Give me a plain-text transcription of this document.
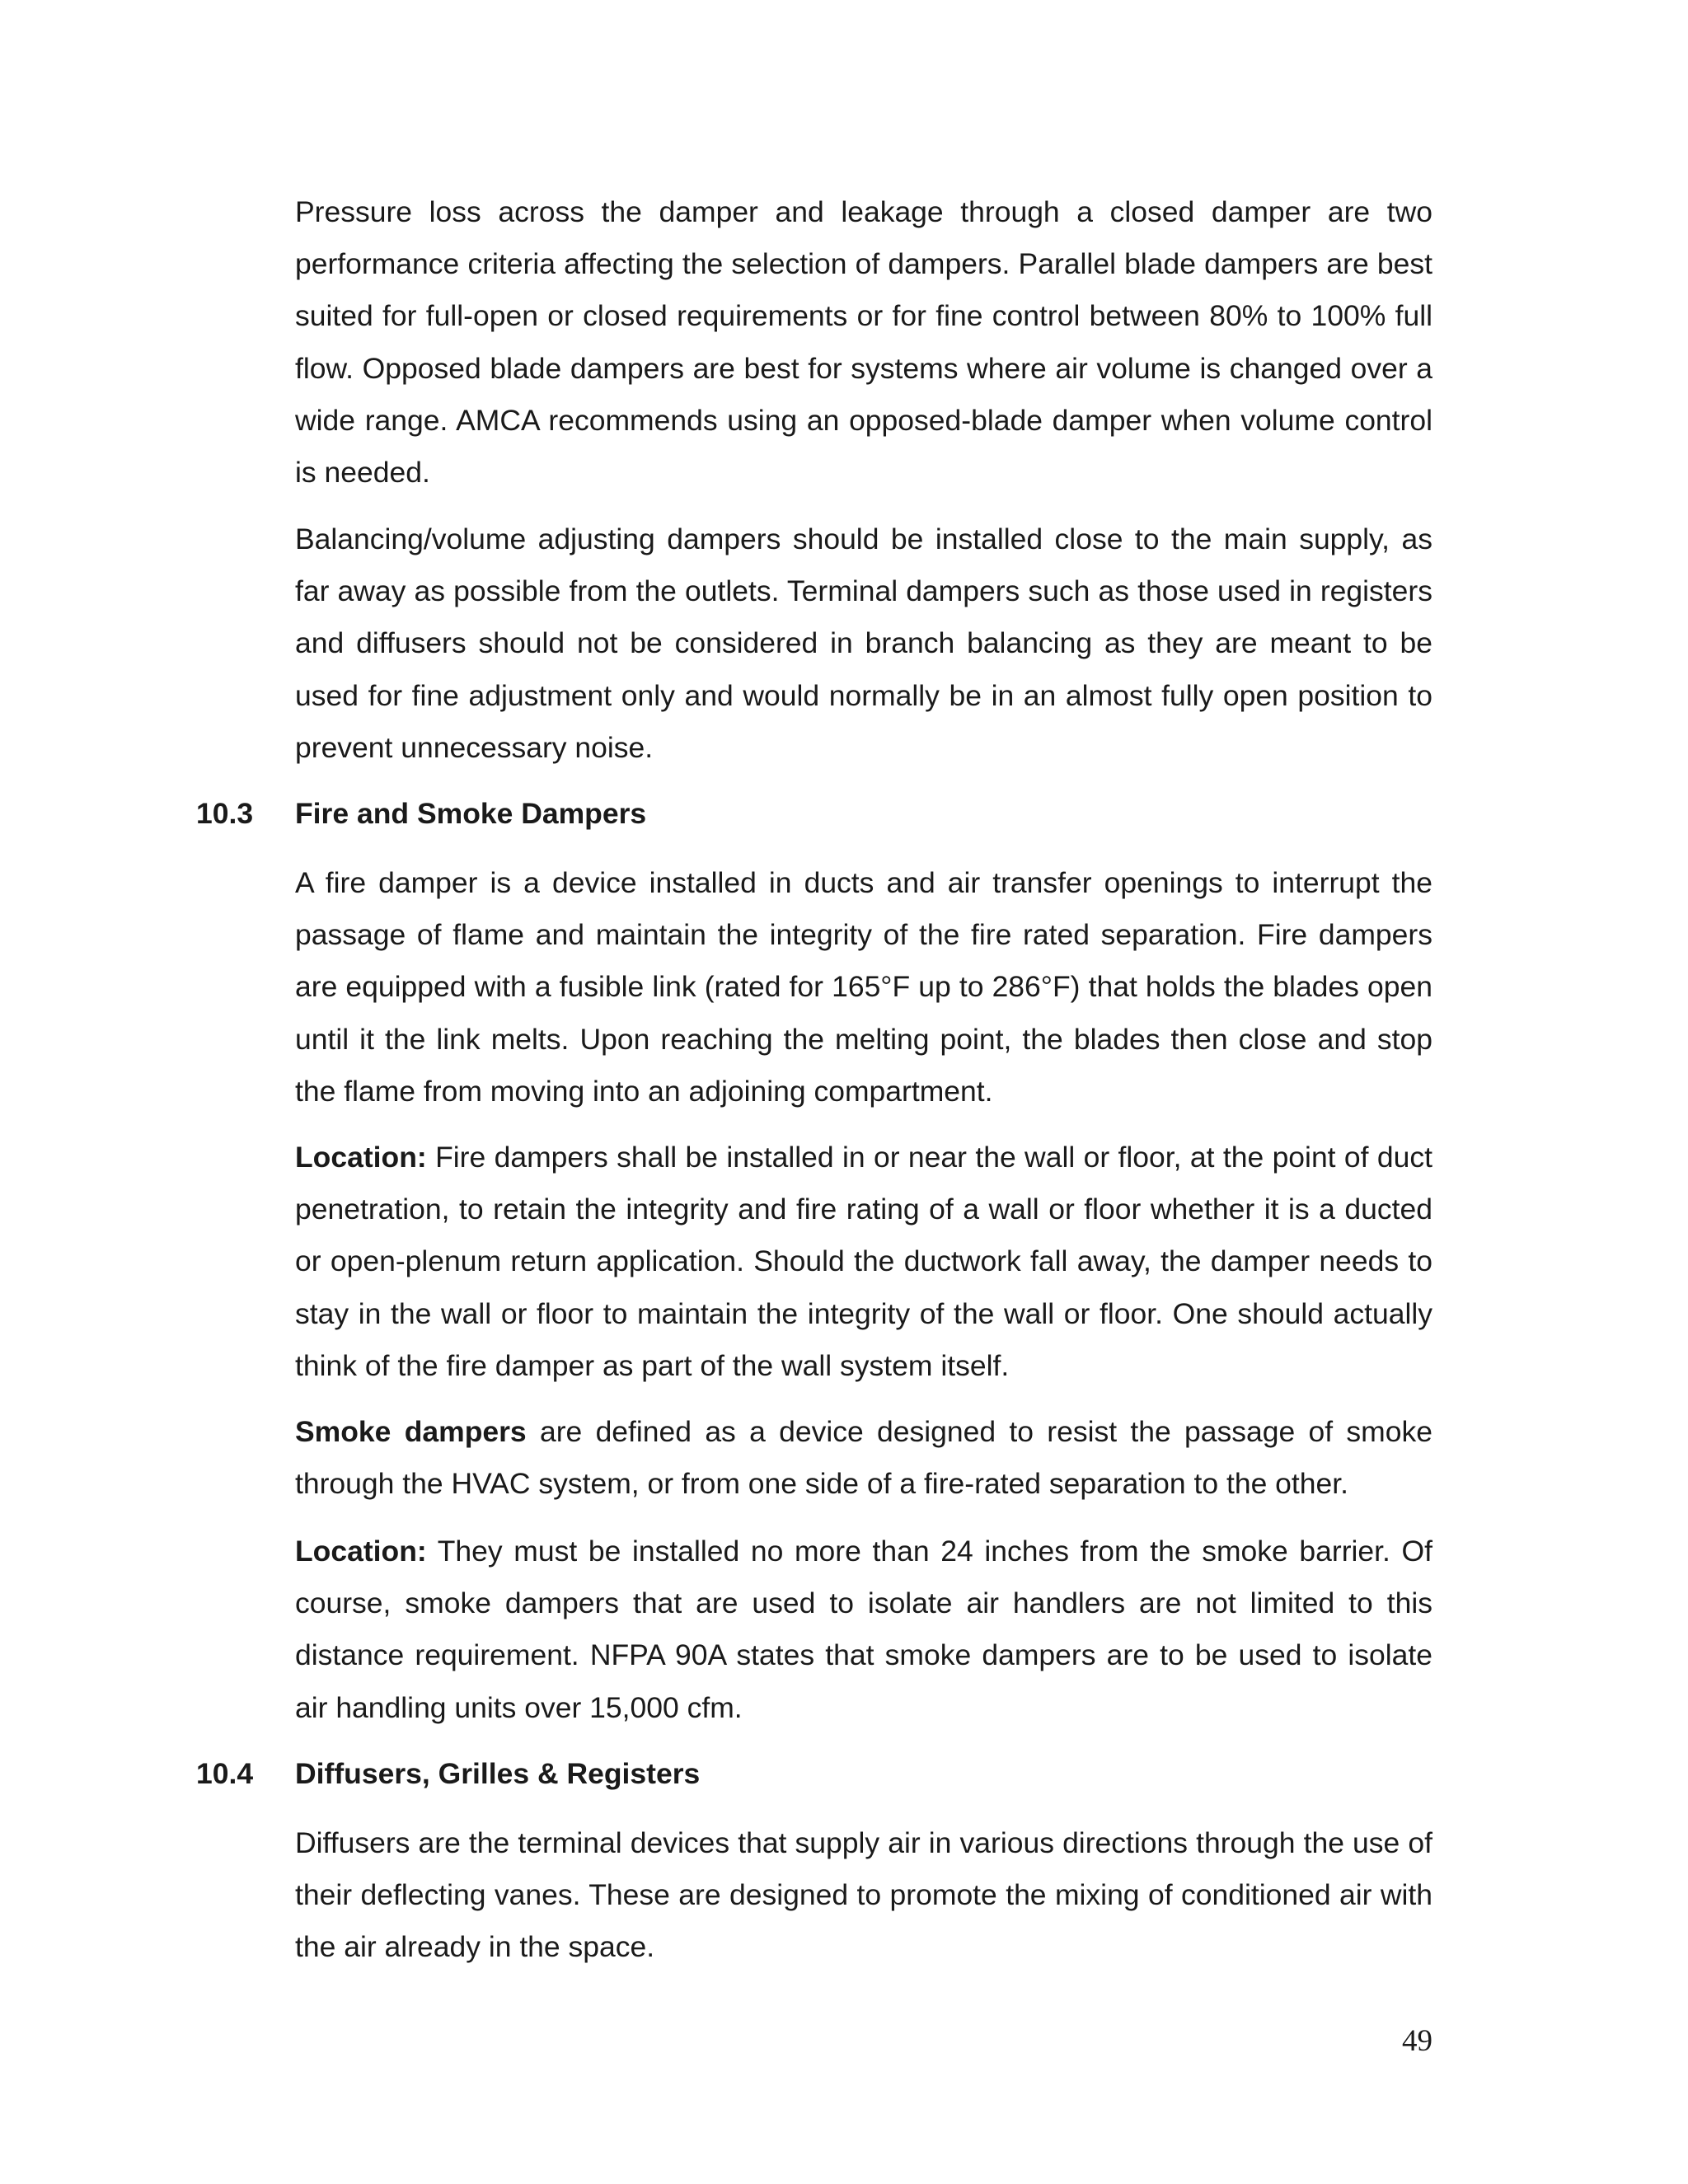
Pressure loss across the damper and leakage through a closed damper are two performance criteria affecting the selection of dampers. Parallel blade dampers are best suited for full-open or closed requirements or for fine control between 80% to 100% full flow. Opposed blade dampers are best for systems where air volume is changed over a wide range. AMCA recommends using an opposed-blade damper when volume control is needed.

Balancing/volume adjusting dampers should be installed close to the main supply, as far away as possible from the outlets. Terminal dampers such as those used in registers and diffusers should not be considered in branch balancing as they are meant to be used for fine adjustment only and would normally be in an almost fully open position to prevent unnecessary noise.

10.3 Fire and Smoke Dampers

A fire damper is a device installed in ducts and air transfer openings to interrupt the passage of flame and maintain the integrity of the fire rated separation. Fire dampers are equipped with a fusible link (rated for 165°F up to 286°F) that holds the blades open until it the link melts. Upon reaching the melting point, the blades then close and stop the flame from moving into an adjoining compartment.

Location: Fire dampers shall be installed in or near the wall or floor, at the point of duct penetration, to retain the integrity and fire rating of a wall or floor whether it is a ducted or open-plenum return application. Should the ductwork fall away, the damper needs to stay in the wall or floor to maintain the integrity of the wall or floor. One should actually think of the fire damper as part of the wall system itself.

Smoke dampers are defined as a device designed to resist the passage of smoke through the HVAC system, or from one side of a fire-rated separation to the other.

Location: They must be installed no more than 24 inches from the smoke barrier. Of course, smoke dampers that are used to isolate air handlers are not limited to this distance requirement. NFPA 90A states that smoke dampers are to be used to isolate air handling units over 15,000 cfm.

10.4 Diffusers, Grilles & Registers

Diffusers are the terminal devices that supply air in various directions through the use of their deflecting vanes. These are designed to promote the mixing of conditioned air with the air already in the space.

49
